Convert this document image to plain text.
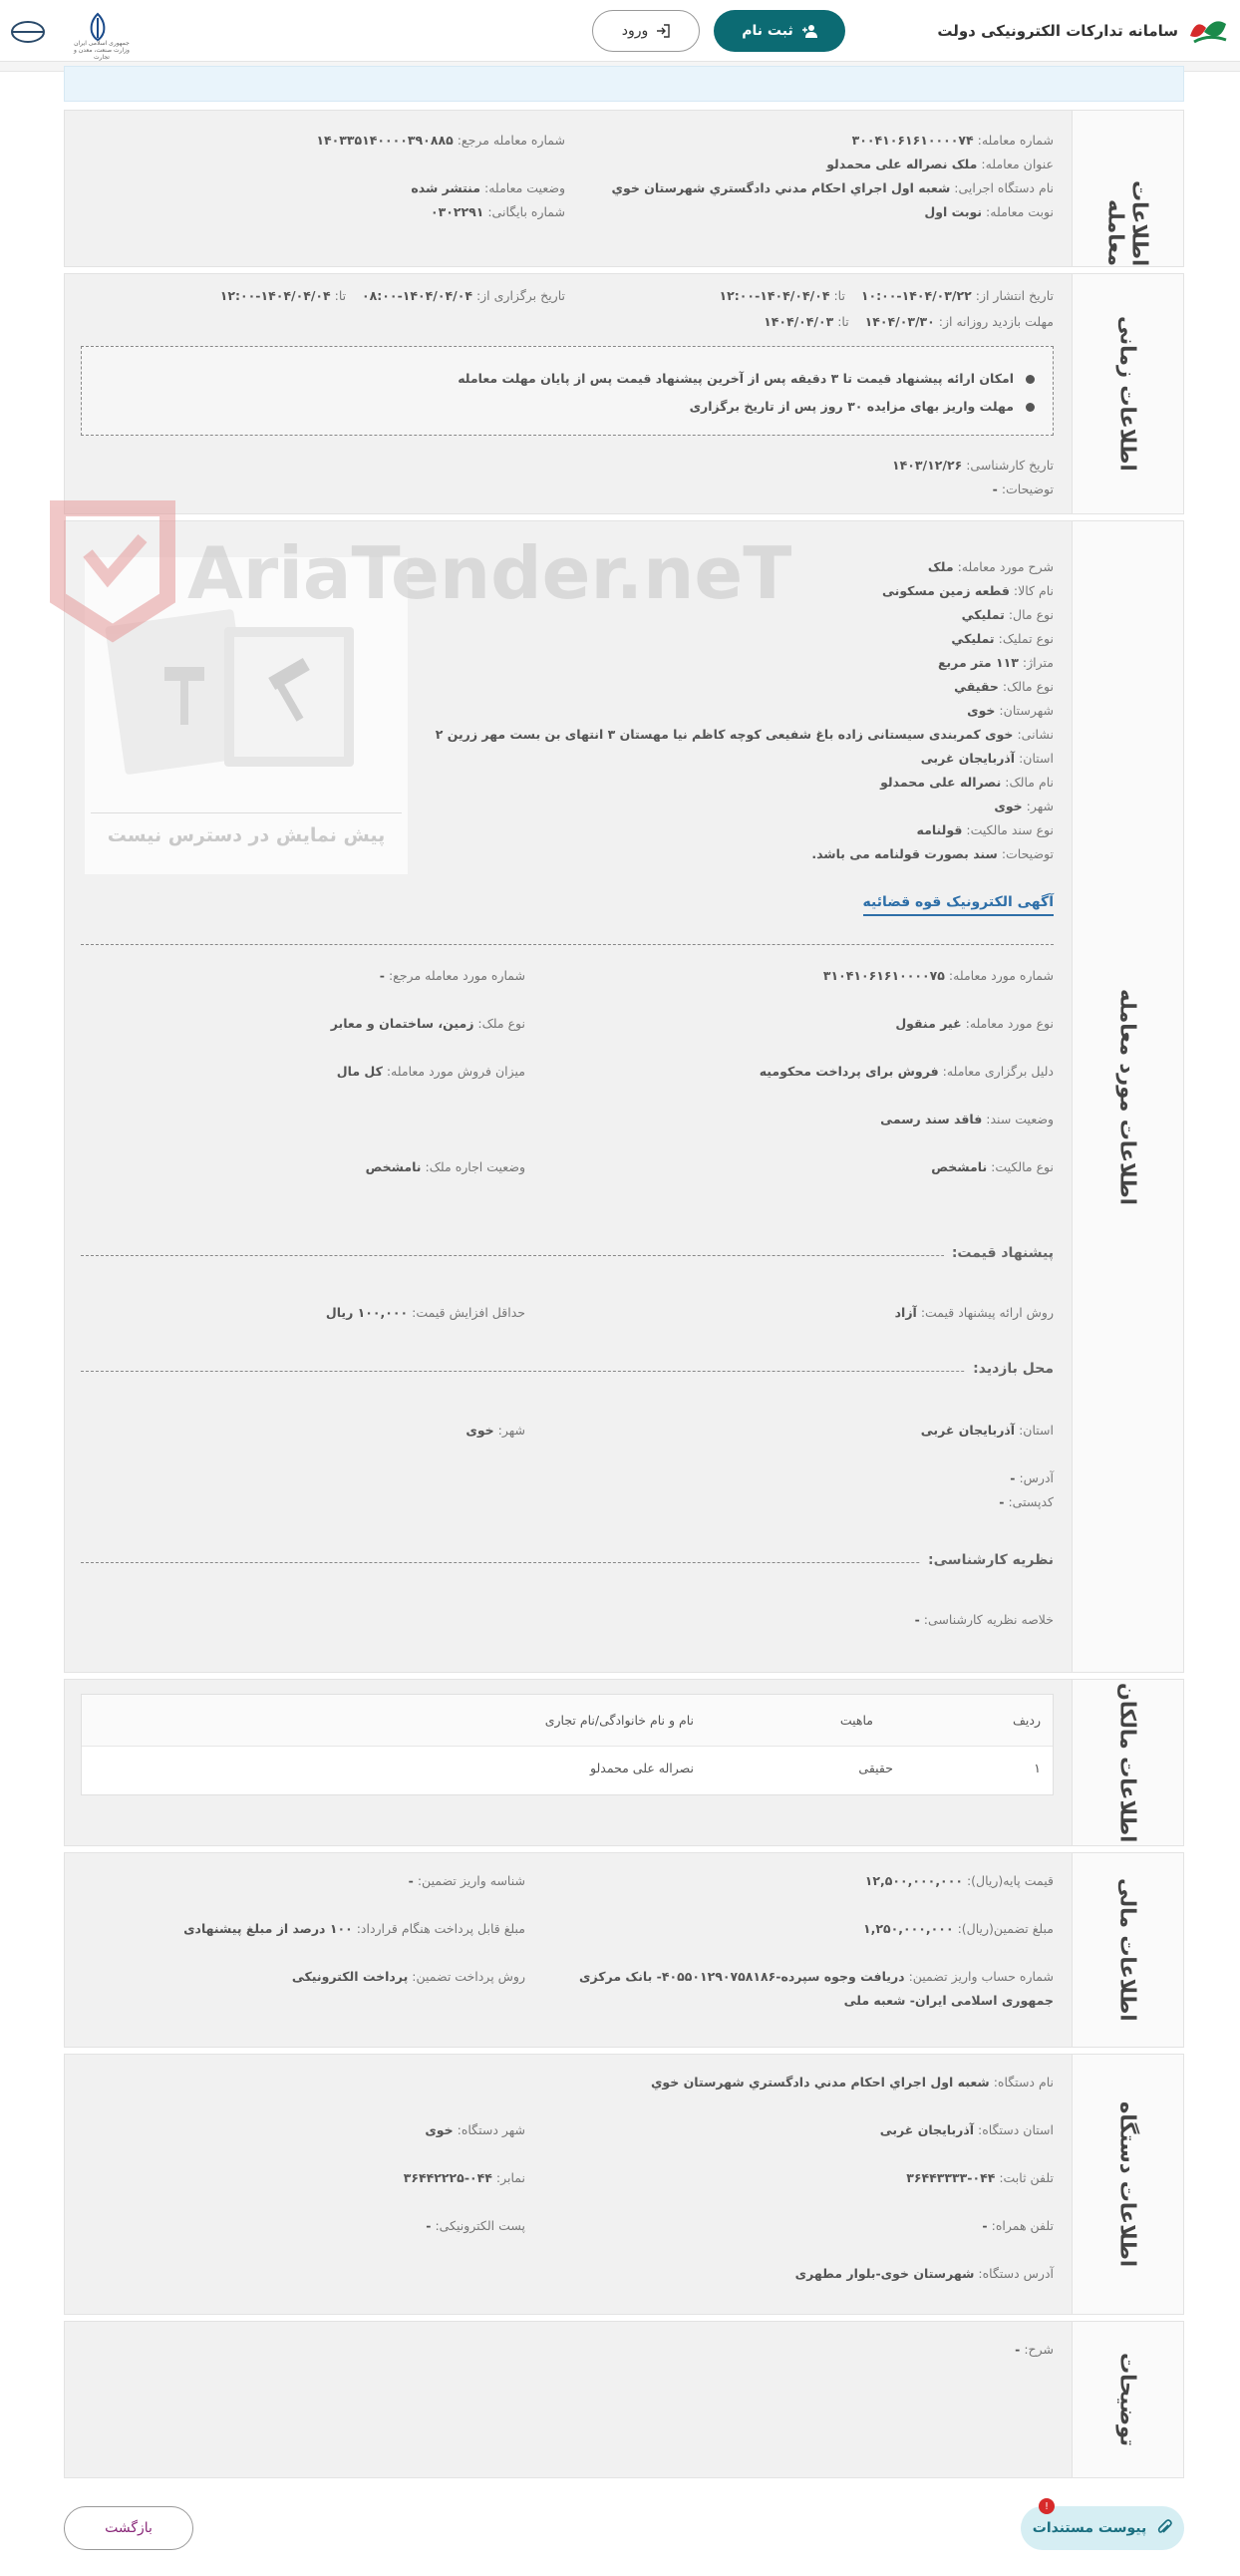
سامانه تدارکات الکترونیکی دولت
ثبت نام
ورود
جمهوری اسلامی ایران وزارت صنعت، معدن و تجارت
اطلاعات معامله
شماره معامله: ۳۰۰۴۱۰۶۱۶۱۰۰۰۰۷۴
شماره معامله مرجع: ۱۴۰۳۳۵۱۴۰۰۰۰۳۹۰۸۸۵
عنوان معامله: ملک نصراله علی محمدلو
نام دستگاه اجرایی: شعبه اول اجراي احكام مدني دادگستري شهرستان خوي
وضعیت معامله: منتشر شده
نوبت معامله: نوبت اول
شماره بایگانی: ۰۳۰۲۲۹۱
اطلاعات زمانی
تاریخ انتشار از: ۱۴۰۴/۰۳/۲۲-۱۰:۰۰    تا: ۱۴۰۴/۰۴/۰۴-۱۲:۰۰
تاریخ برگزاری از: ۱۴۰۴/۰۴/۰۴-۰۸:۰۰    تا: ۱۴۰۴/۰۴/۰۴-۱۲:۰۰
مهلت بازدید روزانه از: ۱۴۰۴/۰۳/۳۰    تا: ۱۴۰۴/۰۴/۰۳
امکان ارائه پیشنهاد قیمت تا ۳ دقیقه پس از آخرین پیشنهاد قیمت پس از پایان مهلت معامله
مهلت واریز بهای مزایده ۳۰ روز پس از تاریخ برگزاری
تاریخ کارشناسی: ۱۴۰۳/۱۲/۲۶
توضیحات: -
اطلاعات مورد معامله
پیش نمایش در دسترس نیست
شرح مورد معامله: ملک
نام کالا: قطعه زمین مسکونی
نوع مال: تمليكي
نوع تملیک: تمليكي
متراژ: ۱۱۳ متر مربع
نوع مالک: حقيقي
شهرستان: خوى
نشانی: خوی کمربندی سیستانی زاده باغ شفیعی کوچه کاظم نیا مهستان ۳ انتهای بن بست مهر زرین ۲
استان: آذربايجان غربی
نام مالک: نصراله علی محمدلو
شهر: خوى
نوع سند مالکیت: قولنامه
توضیحات: سند بصورت قولنامه می باشد.
آگهی الکترونیک قوه قضائیه
شماره مورد معامله: ۳۱۰۴۱۰۶۱۶۱۰۰۰۰۷۵
شماره مورد معامله مرجع: -
نوع مورد معامله: غیر منقول
نوع ملک: زمین، ساختمان و معابر
دلیل برگزاری معامله: فروش برای پرداخت محکومیه
میزان فروش مورد معامله: کل مال
وضعیت سند: فاقد سند رسمی
نوع مالکیت: نامشخص
وضعیت اجاره ملک: نامشخص
پیشنهاد قیمت:
روش ارائه پیشنهاد قیمت: آزاد
حداقل افزایش قیمت: ۱۰۰,۰۰۰ ریال
محل بازدید:
استان: آذربايجان غربی
شهر: خوى
آدرس: -
کدپستی: -
نظریه کارشناسی:
خلاصه نظریه کارشناسی: -
اطلاعات مالکان
ردیف
ماهیت
نام و نام خانوادگی/نام تجاری
۱
حقیقی
نصراله علی محمدلو
اطلاعات مالی
قیمت پایه(ریال): ۱۲,۵۰۰,۰۰۰,۰۰۰
شناسه واریز تضمین: -
مبلغ تضمین(ریال): ۱,۲۵۰,۰۰۰,۰۰۰
مبلغ قابل پرداخت هنگام قرارداد: ۱۰۰ درصد از مبلغ پیشنهادی
شماره حساب واریز تضمین: دریافت وجوه سپرده-۴۰۵۵۰۱۲۹۰۷۵۸۱۸۶- بانک مرکزی
جمهوری اسلامی ایران- شعبه ملی
روش پرداخت تضمین: پرداخت الکترونیکی
اطلاعات دستگاه
نام دستگاه: شعبه اول اجراي احكام مدني دادگستري شهرستان خوي
استان دستگاه: آذربایجان غربی
شهر دستگاه: خوی
تلفن ثابت: ۰۴۴-۳۶۴۴۳۳۳۳
نمابر: ۰۴۴-۳۶۴۴۲۲۲۵
تلفن همراه: -
پست الکترونیکی: -
آدرس دستگاه: شهرستان خوی-بلوار مطهری
توضیحات
شرح: -
AriaTender.neT
پیوست مستندات
!
بازگشت
